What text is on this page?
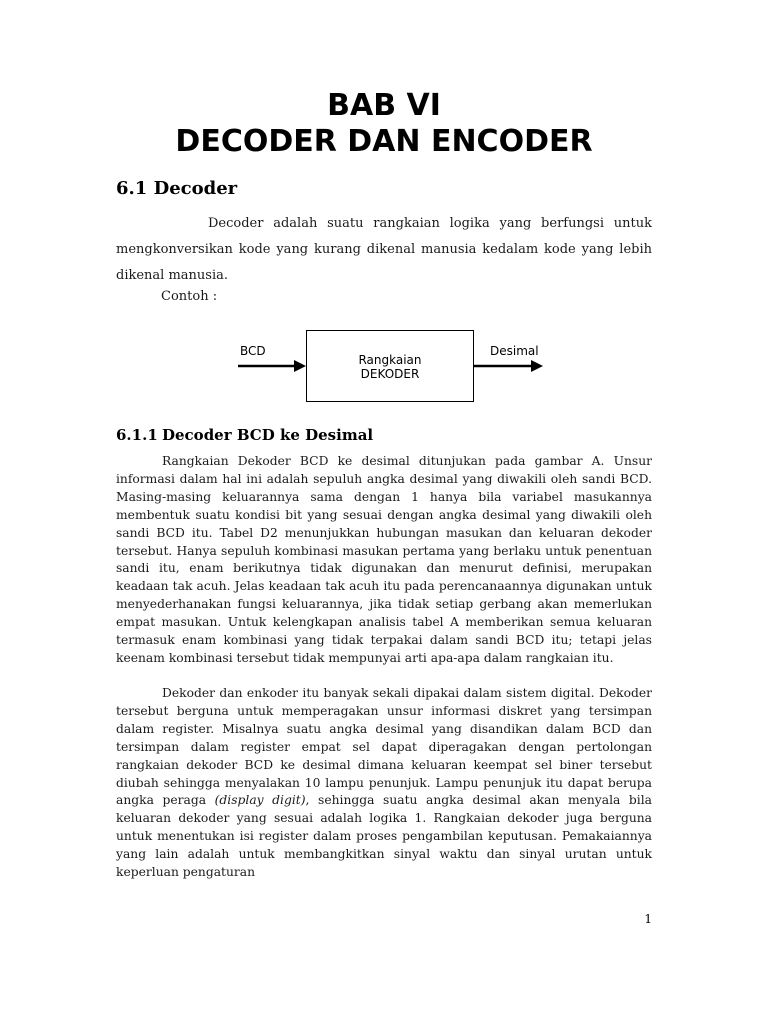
BAB VI
DECODER DAN ENCODER
6.1 Decoder

Decoder adalah suatu rangkaian logika yang berfungsi untuk mengkonversikan kode yang kurang dikenal manusia kedalam kode yang lebih dikenal manusia.

Contoh :

BCD
Rangkaian
DEKODER
Desimal
6.1.1 Decoder BCD ke Desimal

Rangkaian Dekoder BCD ke desimal ditunjukan pada gambar A. Unsur informasi dalam hal ini adalah sepuluh angka desimal yang diwakili oleh sandi BCD. Masing-masing keluarannya sama dengan 1 hanya bila variabel masukannya membentuk suatu kondisi bit yang sesuai dengan angka desimal yang diwakili oleh sandi BCD itu. Tabel D2 menunjukkan hubungan masukan dan keluaran dekoder tersebut. Hanya sepuluh kombinasi masukan pertama yang berlaku untuk penentuan sandi itu, enam berikutnya tidak digunakan dan menurut definisi, merupakan keadaan tak acuh. Jelas keadaan tak acuh itu pada perencanaannya digunakan untuk menyederhanakan fungsi keluarannya, jika tidak setiap gerbang akan memerlukan empat masukan. Untuk kelengkapan analisis tabel A memberikan semua keluaran termasuk enam kombinasi yang tidak terpakai dalam sandi BCD itu; tetapi jelas keenam kombinasi tersebut tidak mempunyai arti apa-apa dalam rangkaian itu.

Dekoder dan enkoder itu banyak sekali dipakai dalam sistem digital. Dekoder tersebut berguna untuk memperagakan unsur informasi diskret yang tersimpan dalam register. Misalnya suatu angka desimal yang disandikan dalam BCD dan tersimpan dalam register empat sel dapat diperagakan dengan pertolongan rangkaian dekoder BCD ke desimal dimana keluaran keempat sel biner tersebut diubah sehingga menyalakan 10 lampu penunjuk. Lampu penunjuk itu dapat berupa angka peraga (display digit), sehingga suatu angka desimal akan menyala bila keluaran dekoder yang sesuai adalah logika 1. Rangkaian dekoder juga berguna untuk menentukan isi register dalam proses pengambilan keputusan. Pemakaiannya yang lain adalah untuk membangkitkan sinyal waktu dan sinyal urutan untuk keperluan pengaturan

1
